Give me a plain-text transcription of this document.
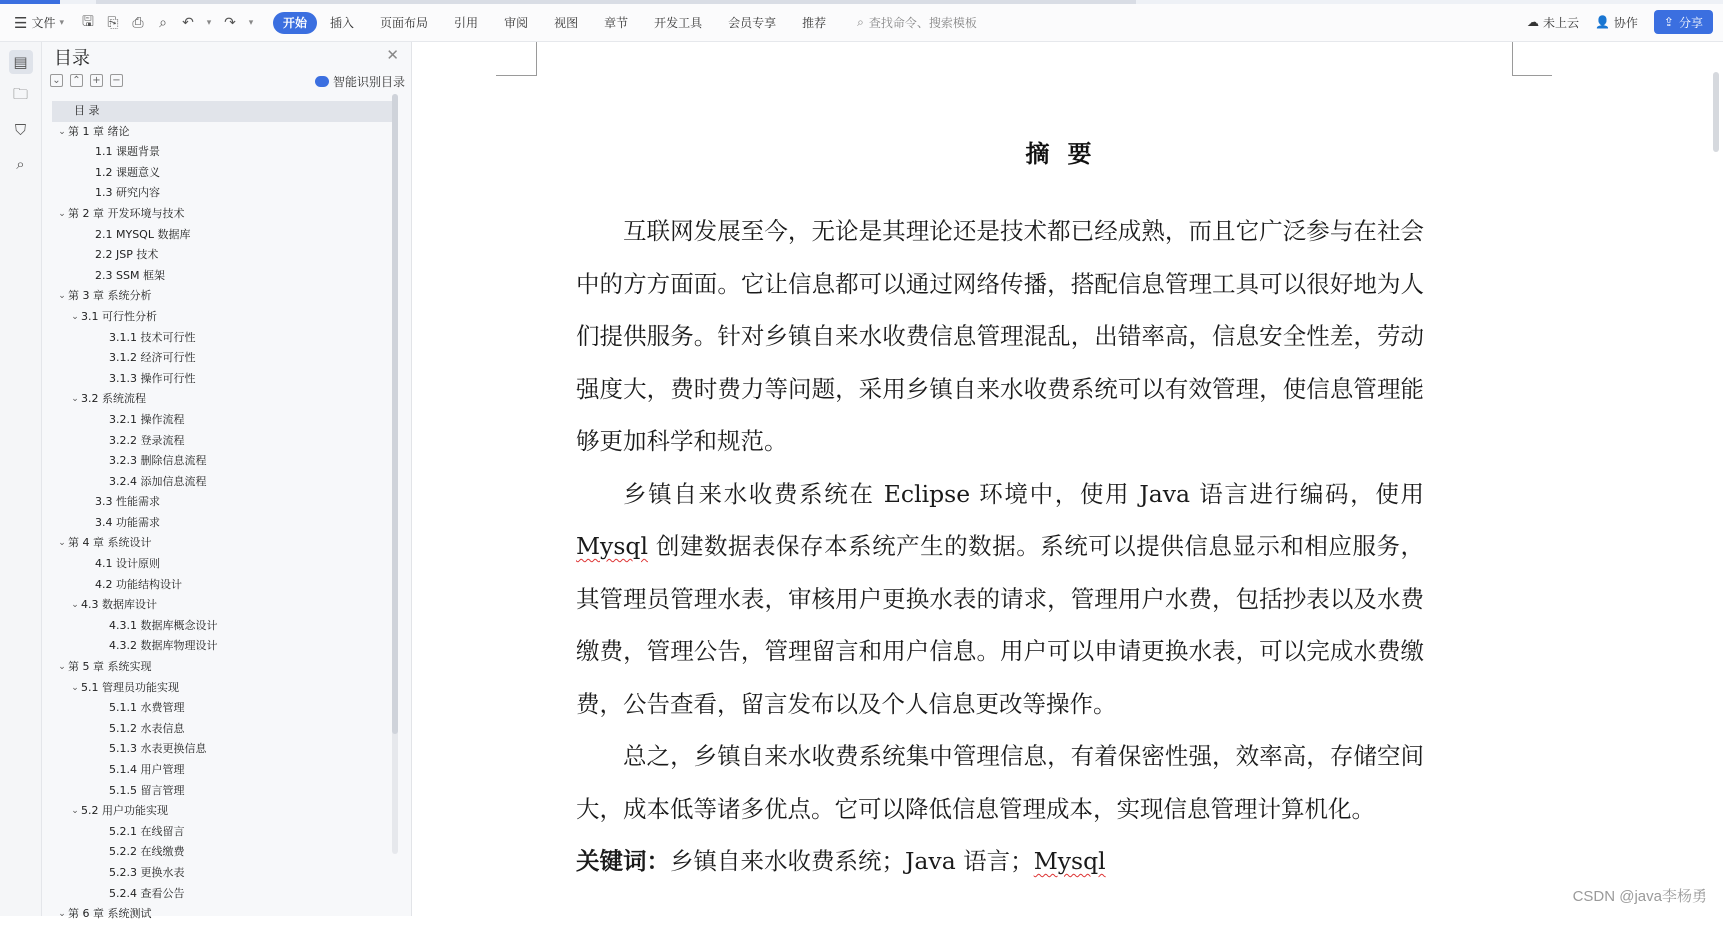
☰ 文件 ▾ 🖫 ⎘ ⎙ ⌕ ↶ ▾ ↷ ▾	开始	插入	页面布局	引用	审阅	视图	章节	开发工具	会员专享	推荐	⌕ 查找命令、搜索模板	☁ 未上云 👤 协作 ⇪ 分享
▤
🗀
⛉
⌕
目录	✕
⌄ ⌃ + −	智能识别目录
目 录
⌄ 第 1 章 绪论
1.1 课题背景
1.2 课题意义
1.3 研究内容
⌄ 第 2 章 开发环境与技术
2.1 MYSQL 数据库
2.2 JSP 技术
2.3 SSM 框架
⌄ 第 3 章 系统分析
⌄ 3.1 可行性分析
3.1.1 技术可行性
3.1.2 经济可行性
3.1.3 操作可行性
⌄ 3.2 系统流程
3.2.1 操作流程
3.2.2 登录流程
3.2.3 删除信息流程
3.2.4 添加信息流程
3.3 性能需求
3.4 功能需求
⌄ 第 4 章 系统设计
4.1 设计原则
4.2 功能结构设计
⌄ 4.3 数据库设计
4.3.1 数据库概念设计
4.3.2 数据库物理设计
⌄ 第 5 章 系统实现
⌄ 5.1 管理员功能实现
5.1.1 水费管理
5.1.2 水表信息
5.1.3 水表更换信息
5.1.4 用户管理
5.1.5 留言管理
⌄ 5.2 用户功能实现
5.2.1 在线留言
5.2.2 在线缴费
5.2.3 更换水表
5.2.4 查看公告
⌄ 第 6 章 系统测试
摘要

互联网发展至今，无论是其理论还是技术都已经成熟，而且它广泛参与在社会中的方方面面。它让信息都可以通过网络传播，搭配信息管理工具可以很好地为人们提供服务。针对乡镇自来水收费信息管理混乱，出错率高，信息安全性差，劳动强度大，费时费力等问题，采用乡镇自来水收费系统可以有效管理，使信息管理能够更加科学和规范。

乡镇自来水收费系统在 Eclipse 环境中，使用 Java 语言进行编码，使用 Mysql 创建数据表保存本系统产生的数据。系统可以提供信息显示和相应服务，其管理员管理水表，审核用户更换水表的请求，管理用户水费，包括抄表以及水费缴费，管理公告，管理留言和用户信息。用户可以申请更换水表，可以完成水费缴费，公告查看，留言发布以及个人信息更改等操作。

总之，乡镇自来水收费系统集中管理信息，有着保密性强，效率高，存储空间大，成本低等诸多优点。它可以降低信息管理成本，实现信息管理计算机化。

关键词：乡镇自来水收费系统；Java 语言；Mysql
CSDN @java李杨勇
